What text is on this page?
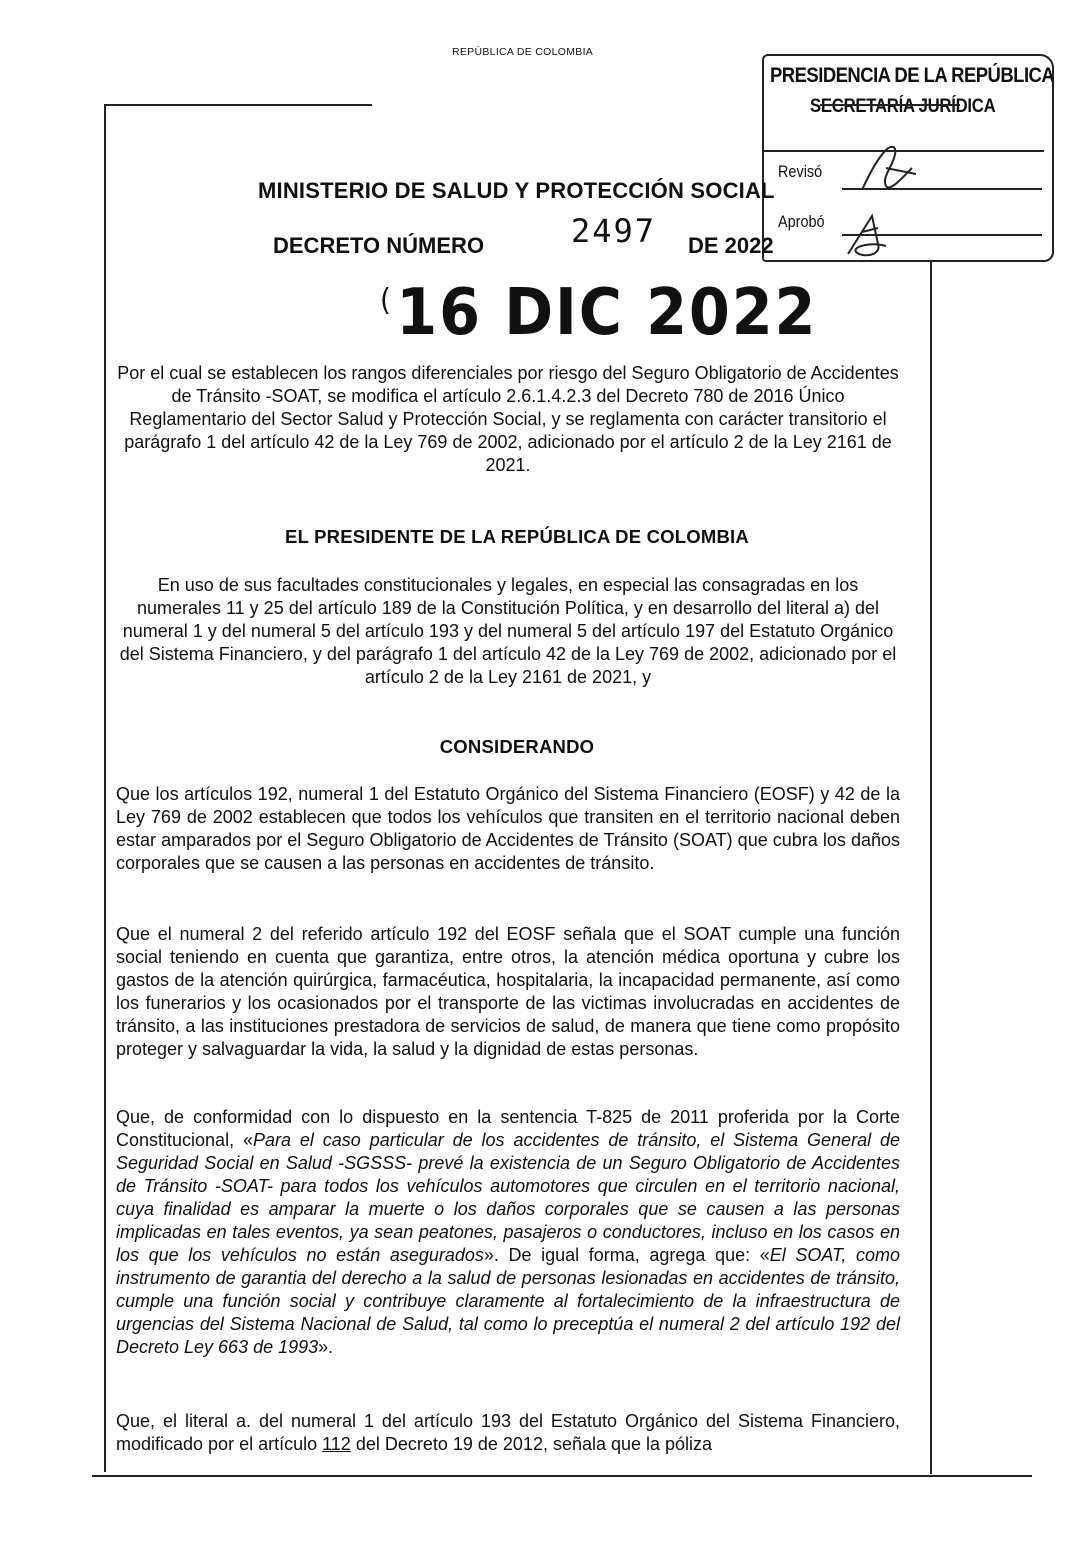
REPÚBLICA DE COLOMBIA
PRESIDENCIA DE LA REPÚBLICA
SECRETARÍA JURÍDICA
Revisó
Aprobó
MINISTERIO DE SALUD Y PROTECCIÓN SOCIAL
DECRETO NÚMERO	2497 DE 2022
(16 DIC 2022
Por el cual se establecen los rangos diferenciales por riesgo del Seguro Obligatorio de Accidentes de Tránsito -SOAT, se modifica el artículo 2.6.1.4.2.3 del Decreto 780 de 2016 Único Reglamentario del Sector Salud y Protección Social, y se reglamenta con carácter transitorio el parágrafo 1 del artículo 42 de la Ley 769 de 2002, adicionado por el artículo 2 de la Ley 2161 de 2021.
EL PRESIDENTE DE LA REPÚBLICA DE COLOMBIA
En uso de sus facultades constitucionales y legales, en especial las consagradas en los numerales 11 y 25 del artículo 189 de la Constitución Política, y en desarrollo del literal a) del numeral 1 y del numeral 5 del artículo 193 y del numeral 5 del artículo 197 del Estatuto Orgánico del Sistema Financiero, y del parágrafo 1 del artículo 42 de la Ley 769 de 2002, adicionado por el artículo 2 de la Ley 2161 de 2021, y
CONSIDERANDO
Que los artículos 192, numeral 1 del Estatuto Orgánico del Sistema Financiero (EOSF) y 42 de la Ley 769 de 2002 establecen que todos los vehículos que transiten en el territorio nacional deben estar amparados por el Seguro Obligatorio de Accidentes de Tránsito (SOAT) que cubra los daños corporales que se causen a las personas en accidentes de tránsito.
Que el numeral 2 del referido artículo 192 del EOSF señala que el SOAT cumple una función social teniendo en cuenta que garantiza, entre otros, la atención médica oportuna y cubre los gastos de la atención quirúrgica, farmacéutica, hospitalaria, la incapacidad permanente, así como los funerarios y los ocasionados por el transporte de las victimas involucradas en accidentes de tránsito, a las instituciones prestadora de servicios de salud, de manera que tiene como propósito proteger y salvaguardar la vida, la salud y la dignidad de estas personas.
Que, de conformidad con lo dispuesto en la sentencia T-825 de 2011 proferida por la Corte Constitucional, «Para el caso particular de los accidentes de tránsito, el Sistema General de Seguridad Social en Salud -SGSSS- prevé la existencia de un Seguro Obligatorio de Accidentes de Tránsito -SOAT- para todos los vehículos automotores que circulen en el territorio nacional, cuya finalidad es amparar la muerte o los daños corporales que se causen a las personas implicadas en tales eventos, ya sean peatones, pasajeros o conductores, incluso en los casos en los que los vehículos no están asegurados». De igual forma, agrega que: «El SOAT, como instrumento de garantia del derecho a la salud de personas lesionadas en accidentes de tránsito, cumple una función social y contribuye claramente al fortalecimiento de la infraestructura de urgencias del Sistema Nacional de Salud, tal como lo preceptúa el numeral 2 del artículo 192 del Decreto Ley 663 de 1993».
Que, el literal a. del numeral 1 del artículo 193 del Estatuto Orgánico del Sistema Financiero, modificado por el artículo 112 del Decreto 19 de 2012, señala que la póliza
